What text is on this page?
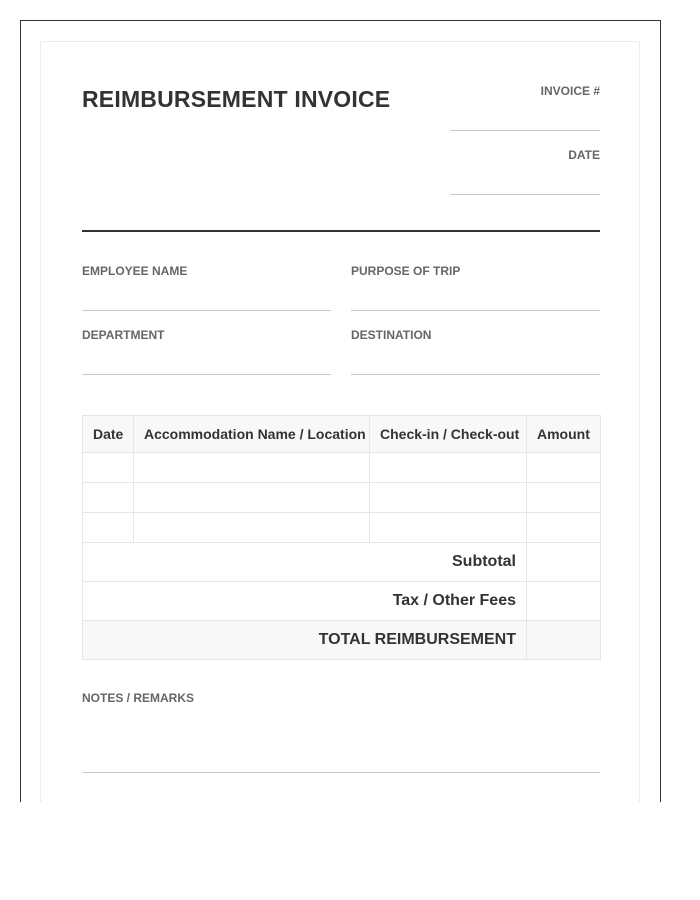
REIMBURSEMENT INVOICE	INVOICE #
DATE
EMPLOYEE NAME	PURPOSE OF TRIP
DEPARTMENT	DESTINATION
Date	Accommodation Name / Location	Check-in / Check-out	Amount

Subtotal			
Tax / Other Fees			
TOTAL REIMBURSEMENT			
NOTES / REMARKS
